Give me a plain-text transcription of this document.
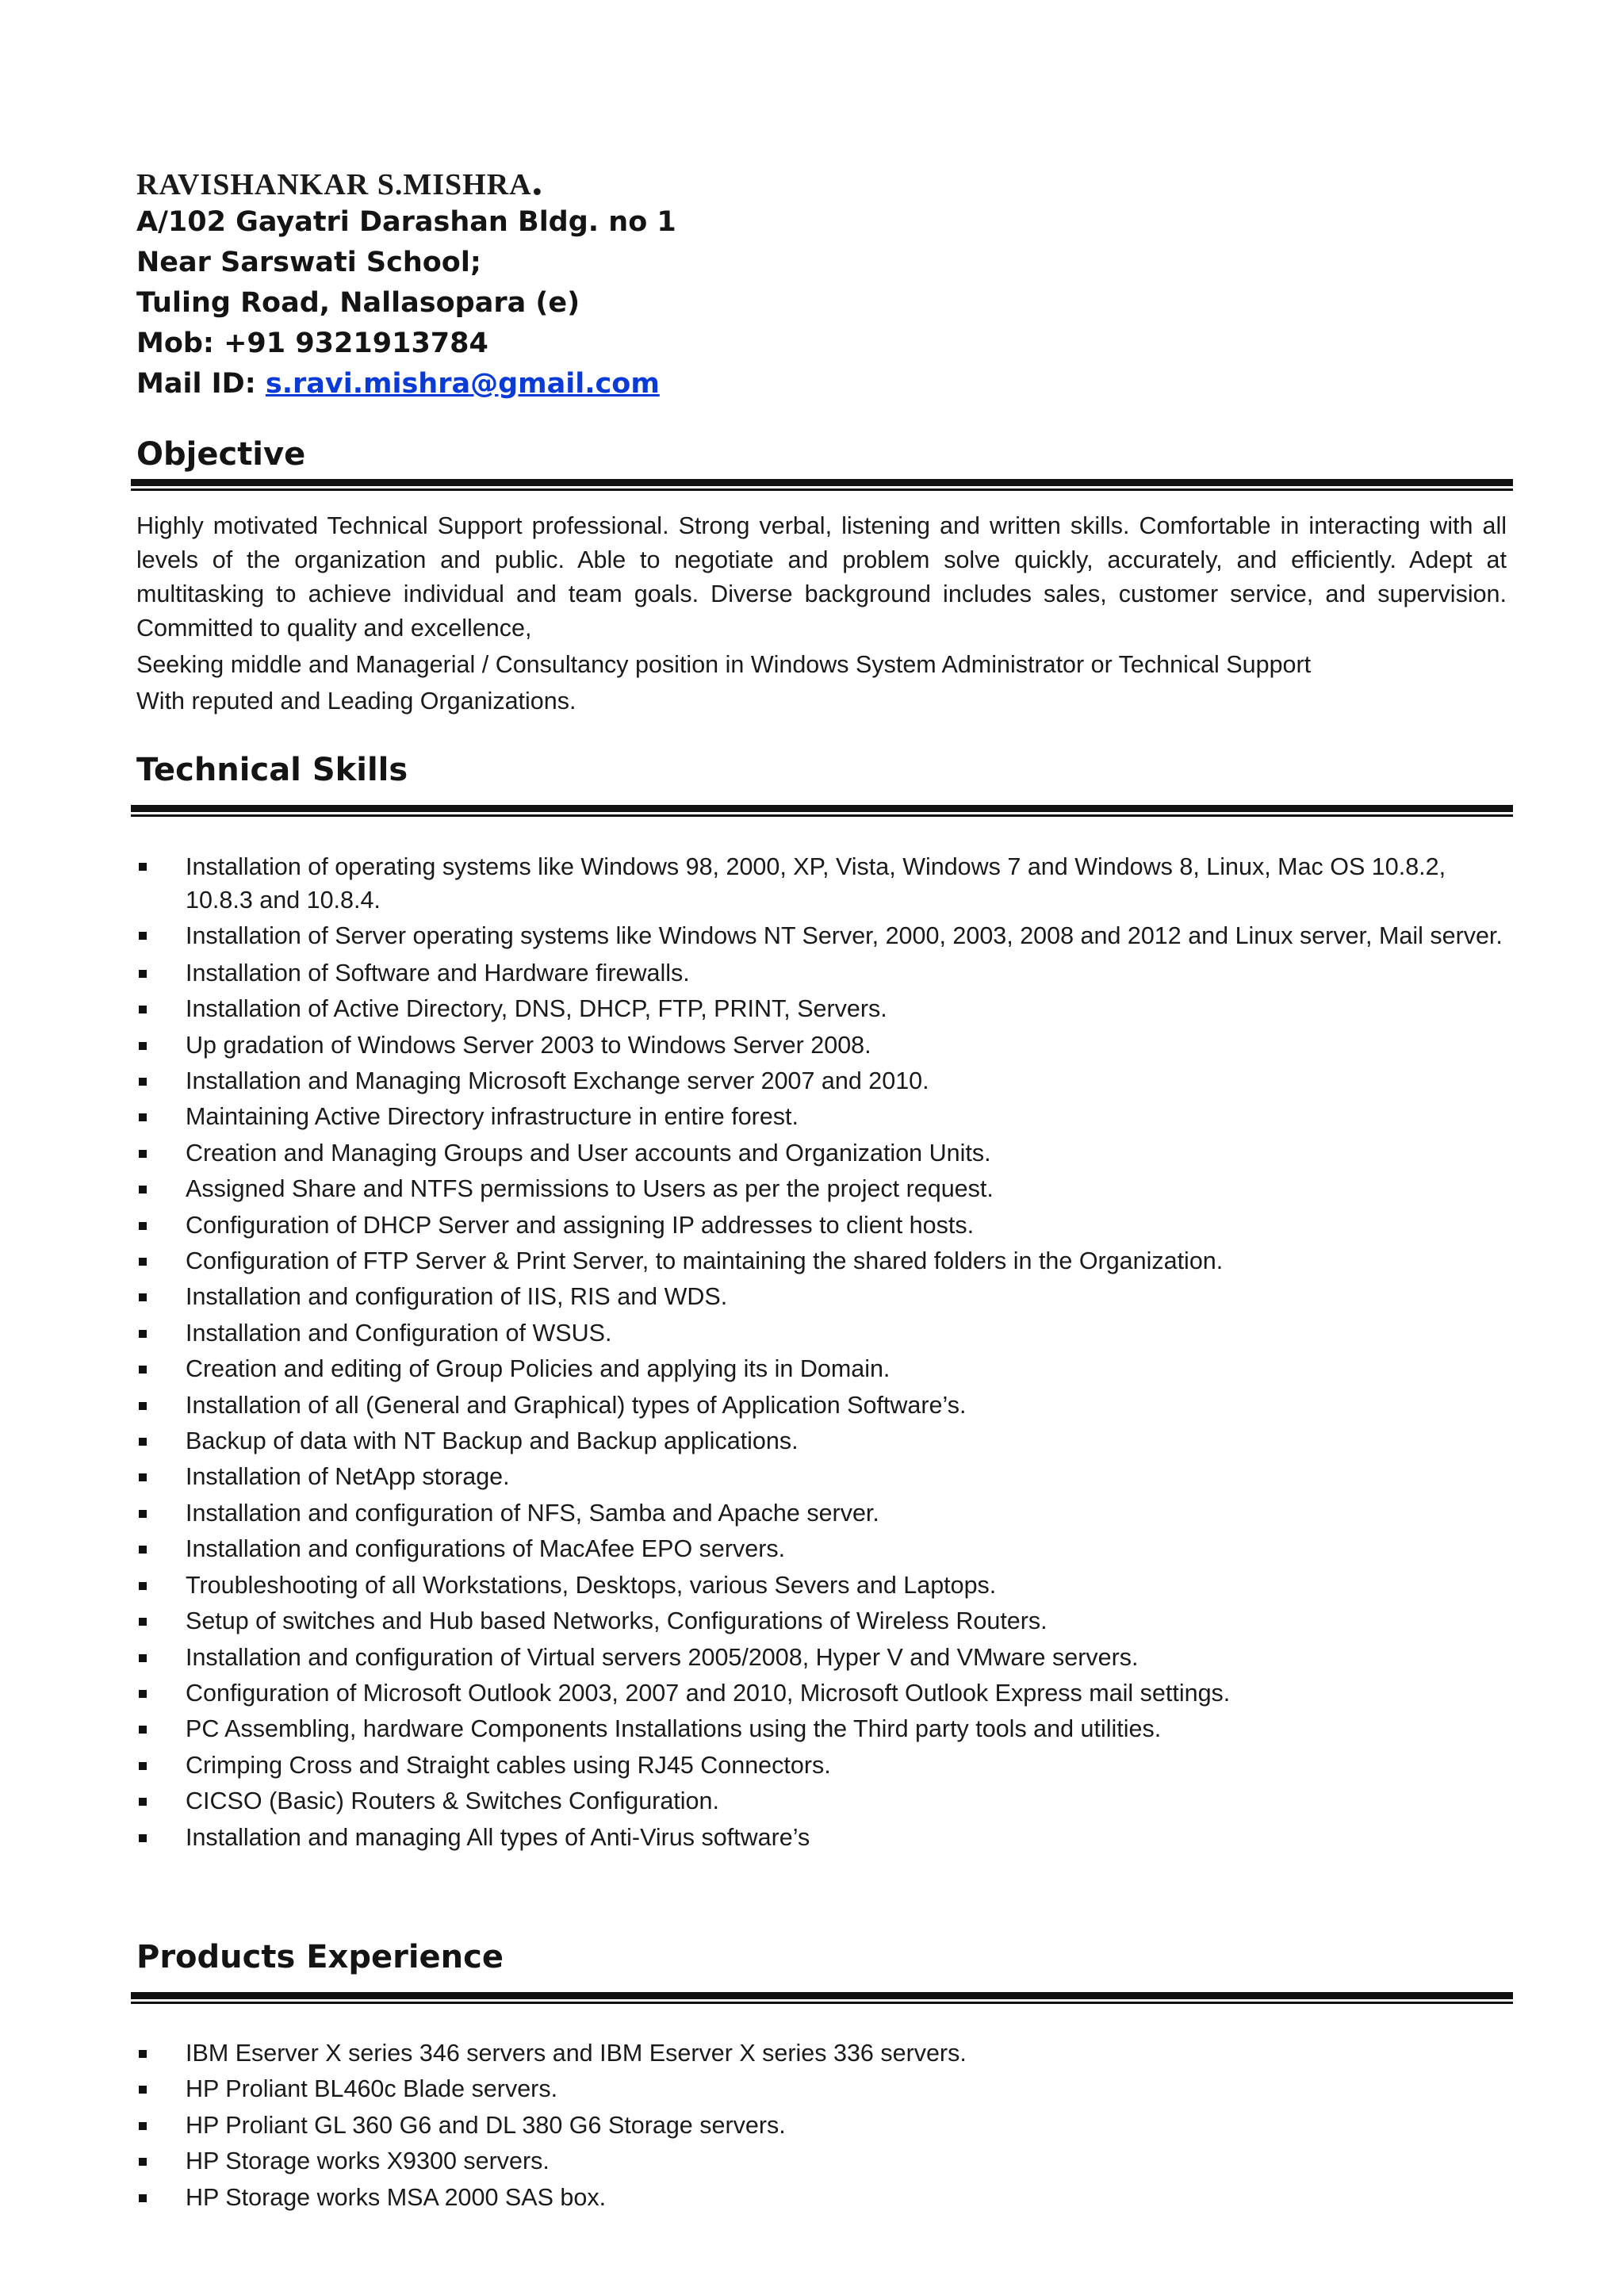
RAVISHANKAR S.MISHRA.
A/102 Gayatri Darashan Bldg. no 1
Near Sarswati School;
Tuling Road, Nallasopara (e)
Mob: +91 9321913784
Mail ID: s.ravi.mishra@gmail.com
Objective

Highly motivated Technical Support professional. Strong verbal, listening and written skills. Comfortable in interacting with all levels of the organization and public. Able to negotiate and problem solve quickly, accurately, and efficiently. Adept at multitasking to achieve individual and team goals. Diverse background includes sales, customer service, and supervision. Committed to quality and excellence,

Seeking middle and Managerial / Consultancy position in Windows System Administrator or Technical Support
With reputed and Leading Organizations.

Technical Skills
Installation of operating systems like Windows 98, 2000, XP, Vista, Windows 7 and Windows 8, Linux, Mac OS 10.8.2, 10.8.3 and 10.8.4.
Installation of Server operating systems like Windows NT Server, 2000, 2003, 2008 and 2012 and Linux server, Mail server.
Installation of Software and Hardware firewalls.
Installation of Active Directory, DNS, DHCP, FTP, PRINT, Servers.
Up gradation of Windows Server 2003 to Windows Server 2008.
Installation and Managing Microsoft Exchange server 2007 and 2010.
Maintaining Active Directory infrastructure in entire forest.
Creation and Managing Groups and User accounts and Organization Units.
Assigned Share and NTFS permissions to Users as per the project request.
Configuration of DHCP Server and assigning IP addresses to client hosts.
Configuration of FTP Server & Print Server, to maintaining the shared folders in the Organization.
Installation and configuration of IIS, RIS and WDS.
Installation and Configuration of WSUS.
Creation and editing of Group Policies and applying its in Domain.
Installation of all (General and Graphical) types of Application Software’s.
Backup of data with NT Backup and Backup applications.
Installation of NetApp storage.
Installation and configuration of NFS, Samba and Apache server.
Installation and configurations of MacAfee EPO servers.
Troubleshooting of all Workstations, Desktops, various Severs and Laptops.
Setup of switches and Hub based Networks, Configurations of Wireless Routers.
Installation and configuration of Virtual servers 2005/2008, Hyper V and VMware servers.
Configuration of Microsoft Outlook 2003, 2007 and 2010, Microsoft Outlook Express mail settings.
PC Assembling, hardware Components Installations using the Third party tools and utilities.
Crimping Cross and Straight cables using RJ45 Connectors.
CICSO (Basic) Routers & Switches Configuration.
Installation and managing All types of Anti-Virus software’s
Products Experience
IBM Eserver X series 346 servers and IBM Eserver X series 336 servers.
HP Proliant BL460c Blade servers.
HP Proliant GL 360 G6 and DL 380 G6 Storage servers.
HP Storage works X9300 servers.
HP Storage works MSA 2000 SAS box.
